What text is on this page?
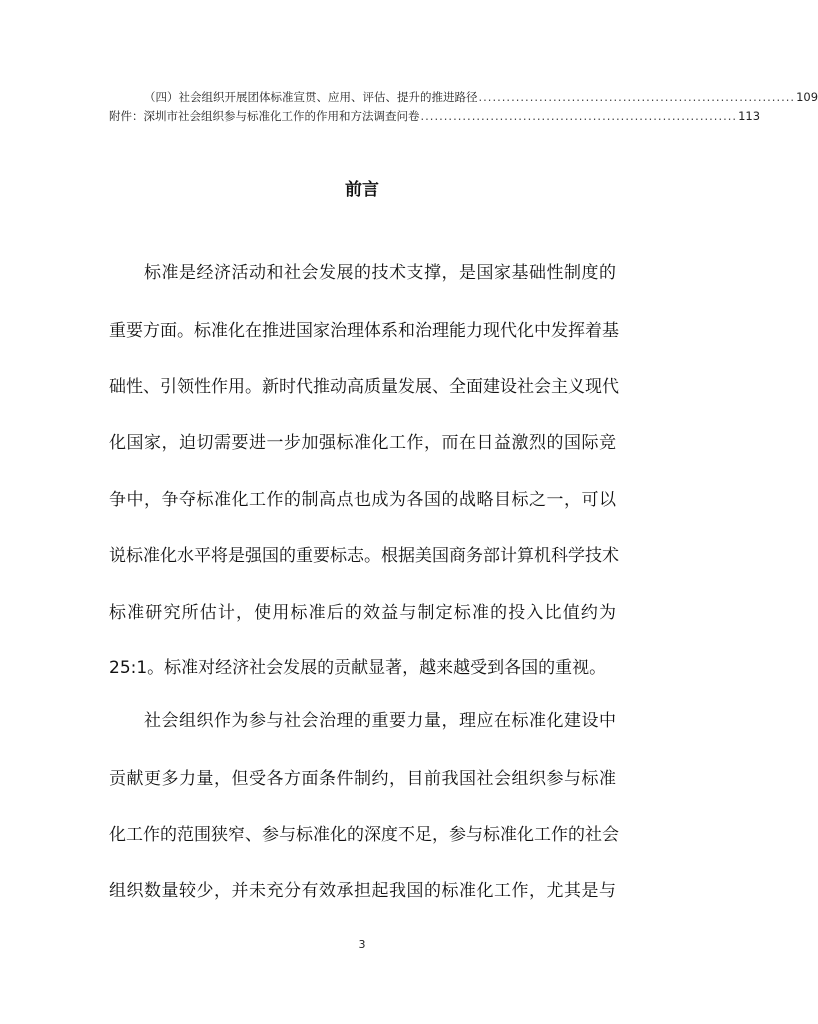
（四）社会组织开展团体标准宣贯、应用、评估、提升的推进路径 .................................................................... 109
附件：深圳市社会组织参与标准化工作的作用和方法调查问卷 .................................................................... 113
前言
标准是经济活动和社会发展的技术支撑，是国家基础性制度的
重要方面。标准化在推进国家治理体系和治理能力现代化中发挥着基
础性、引领性作用。新时代推动高质量发展、全面建设社会主义现代
化国家，迫切需要进一步加强标准化工作，而在日益激烈的国际竞
争中，争夺标准化工作的制高点也成为各国的战略目标之一，可以
说标准化水平将是强国的重要标志。根据美国商务部计算机科学技术
标准研究所估计，使用标准后的效益与制定标准的投入比值约为
25:1。标准对经济社会发展的贡献显著，越来越受到各国的重视。
社会组织作为参与社会治理的重要力量，理应在标准化建设中
贡献更多力量，但受各方面条件制约，目前我国社会组织参与标准
化工作的范围狭窄、参与标准化的深度不足，参与标准化工作的社会
组织数量较少，并未充分有效承担起我国的标准化工作，尤其是与
3
